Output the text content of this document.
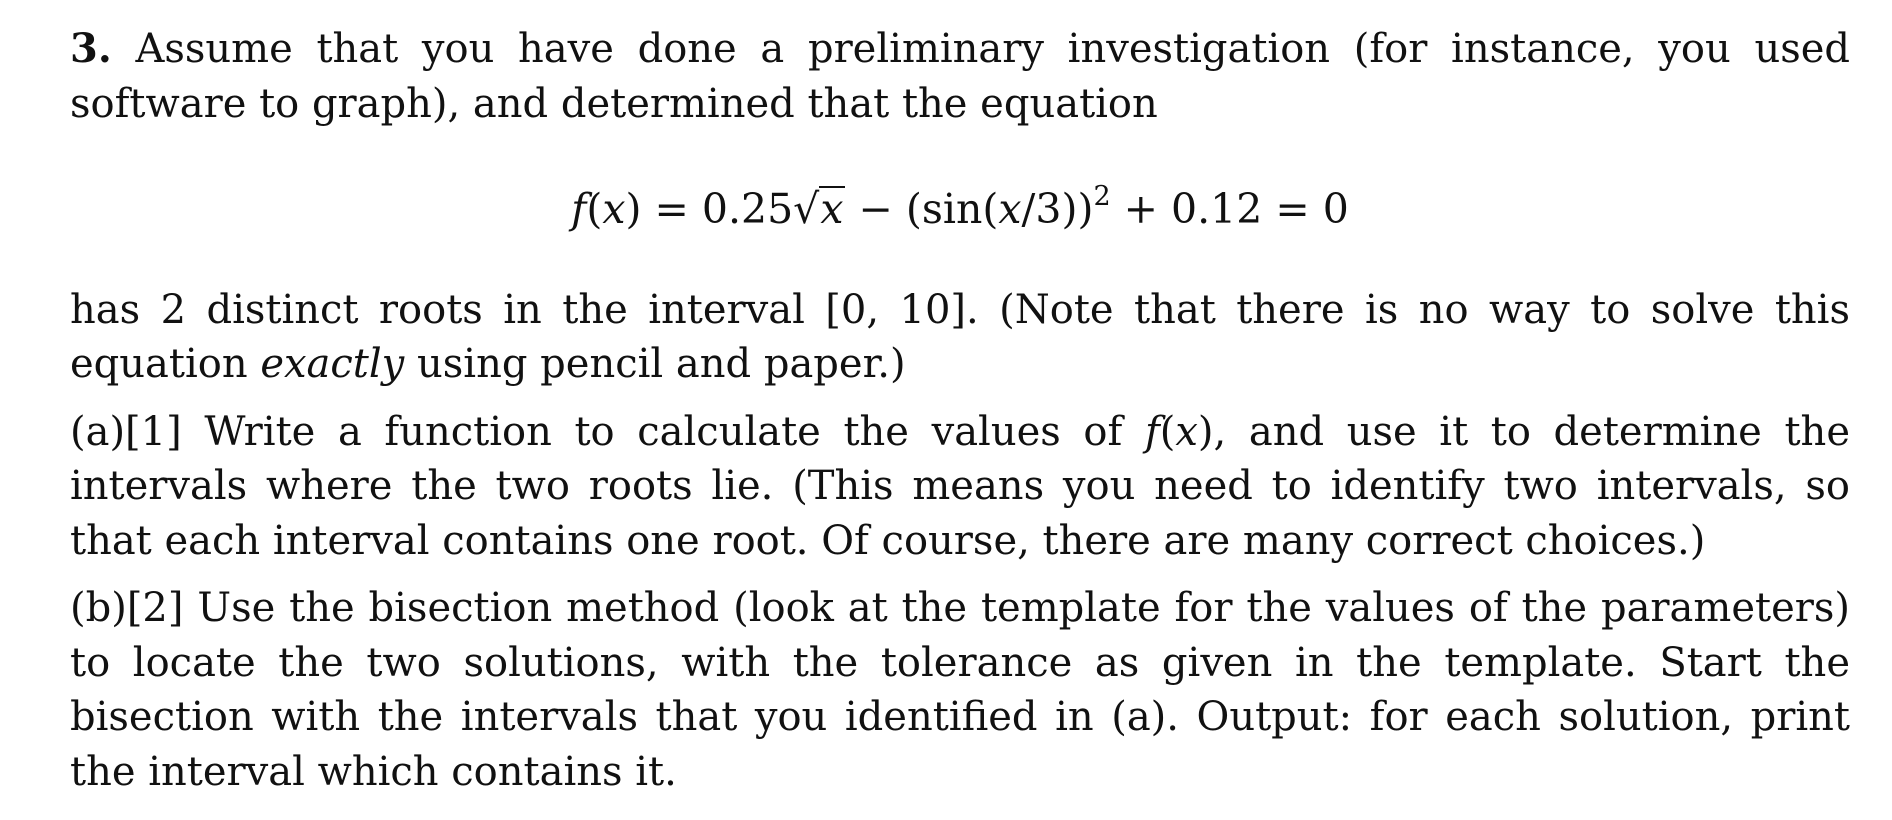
3. Assume that you have done a preliminary investigation (for instance, you used software to graph), and determined that the equation

$f(x) = 0.25√x - (\sin(x/3))^2 + 0.12 = 0$

has 2 distinct roots in the interval [0, 10]. (Note that there is no way to solve this equation exactly using pencil and paper.)

(a)[1] Write a function to calculate the values of f(x), and use it to determine the intervals where the two roots lie. (This means you need to identify two intervals, so that each interval contains one root. Of course, there are many correct choices.)

(b)[2] Use the bisection method (look at the template for the values of the parameters) to locate the two solutions, with the tolerance as given in the template. Start the bisection with the intervals that you identified in (a). Output: for each solution, print the interval which contains it.
